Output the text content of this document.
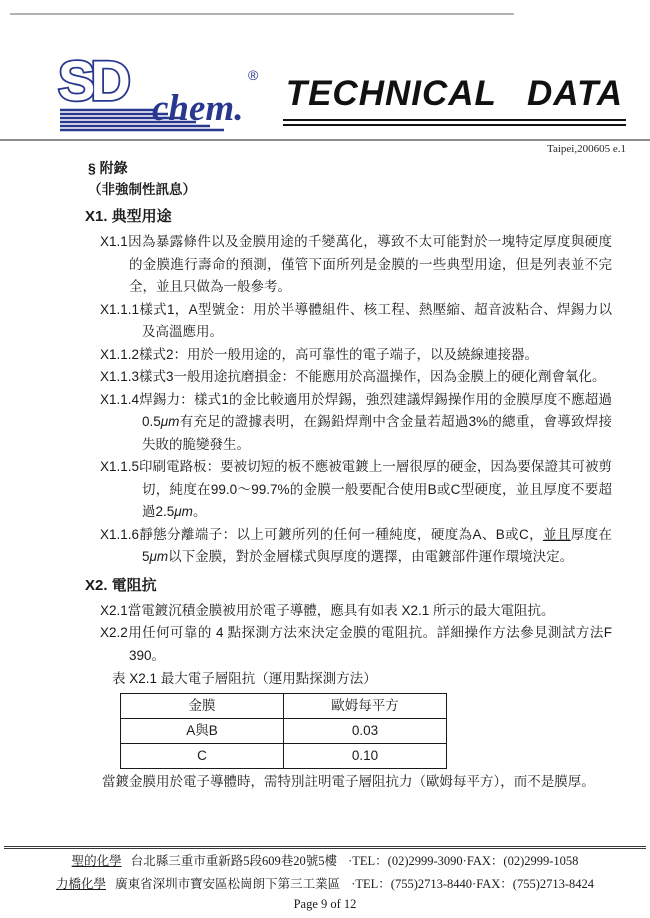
SD chem.
® TECHNICAL DATA
Taipei,200605 e.1
§ 附錄
（非強制性訊息）
X1. 典型用途

X1.1因為暴露條件以及金膜用途的千變萬化，導致不太可能對於一塊特定厚度與硬度的金膜進行壽命的預測，僅管下面所列是金膜的一些典型用途，但是列表並不完全，並且只做為一般參考。

X1.1.1樣式1，A型號金：用於半導體組件、核工程、熱壓縮、超音波粘合、焊錫力以及高溫應用。

X1.1.2樣式2：用於一般用途的，高可靠性的電子端子，以及繞線連接器。

X1.1.3樣式3一般用途抗磨損金：不能應用於高溫操作，因為金膜上的硬化劑會氧化。

X1.1.4焊錫力：樣式1的金比較適用於焊錫，強烈建議焊錫操作用的金膜厚度不應超過0.5μm有充足的證據表明，在錫鉛焊劑中含金量若超過3%的總重，會導致焊接失敗的脆變發生。

X1.1.5印刷電路板：要被切短的板不應被電鍍上一層很厚的硬金，因為要保證其可被剪切，純度在99.0～99.7%的金膜一般要配合使用B或C型硬度，並且厚度不要超過2.5μm。

X1.1.6靜態分離端子：以上可鍍所列的任何一種純度，硬度為A、B或C，並且厚度在5μm以下金膜，對於金層樣式與厚度的選擇，由電鍍部件運作環境決定。

X2. 電阻抗

X2.1當電鍍沉積金膜被用於電子導體，應具有如表 X2.1 所示的最大電阻抗。

X2.2用任何可靠的 4 點探測方法來決定金膜的電阻抗。詳細操作方法參見測試方法F 390。

表 X2.1 最大電子層阻抗（運用點探測方法）
金膜	歐姆每平方
A與B	0.03
C	0.10

當鍍金膜用於電子導體時，需特別註明電子層阻抗力（歐姆每平方），而不是膜厚。

聖的化學 台北縣三重市重新路5段609巷20號5樓 ·TEL：(02)2999-3090·FAX：(02)2999-1058
力橋化學 廣東省深圳市寶安區松崗朗下第三工業區 ·TEL：(755)2713-8440·FAX：(755)2713-8424
Page 9 of 12
